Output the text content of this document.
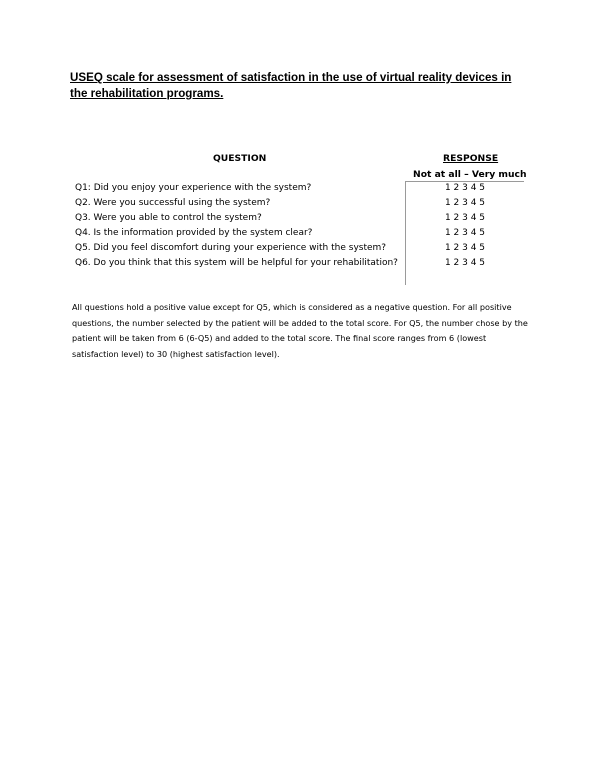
USEQ scale for assessment of satisfaction in the use of virtual reality devices in the rehabilitation programs.
QUESTION	RESPONSE
Not at all – Very much
Q1: Did you enjoy your experience with the system?	1 2 3 4 5
Q2. Were you successful using the system?	1 2 3 4 5
Q3. Were you able to control the system?	1 2 3 4 5
Q4. Is the information provided by the system clear?	1 2 3 4 5
Q5. Did you feel discomfort during your experience with the system?	1 2 3 4 5
Q6. Do you think that this system will be helpful for your rehabilitation?	1 2 3 4 5

All questions hold a positive value except for Q5, which is considered as a negative question. For all positive questions, the number selected by the patient will be added to the total score. For Q5, the number chose by the patient will be taken from 6 (6-Q5) and added to the total score. The final score ranges from 6 (lowest satisfaction level) to 30 (highest satisfaction level).
